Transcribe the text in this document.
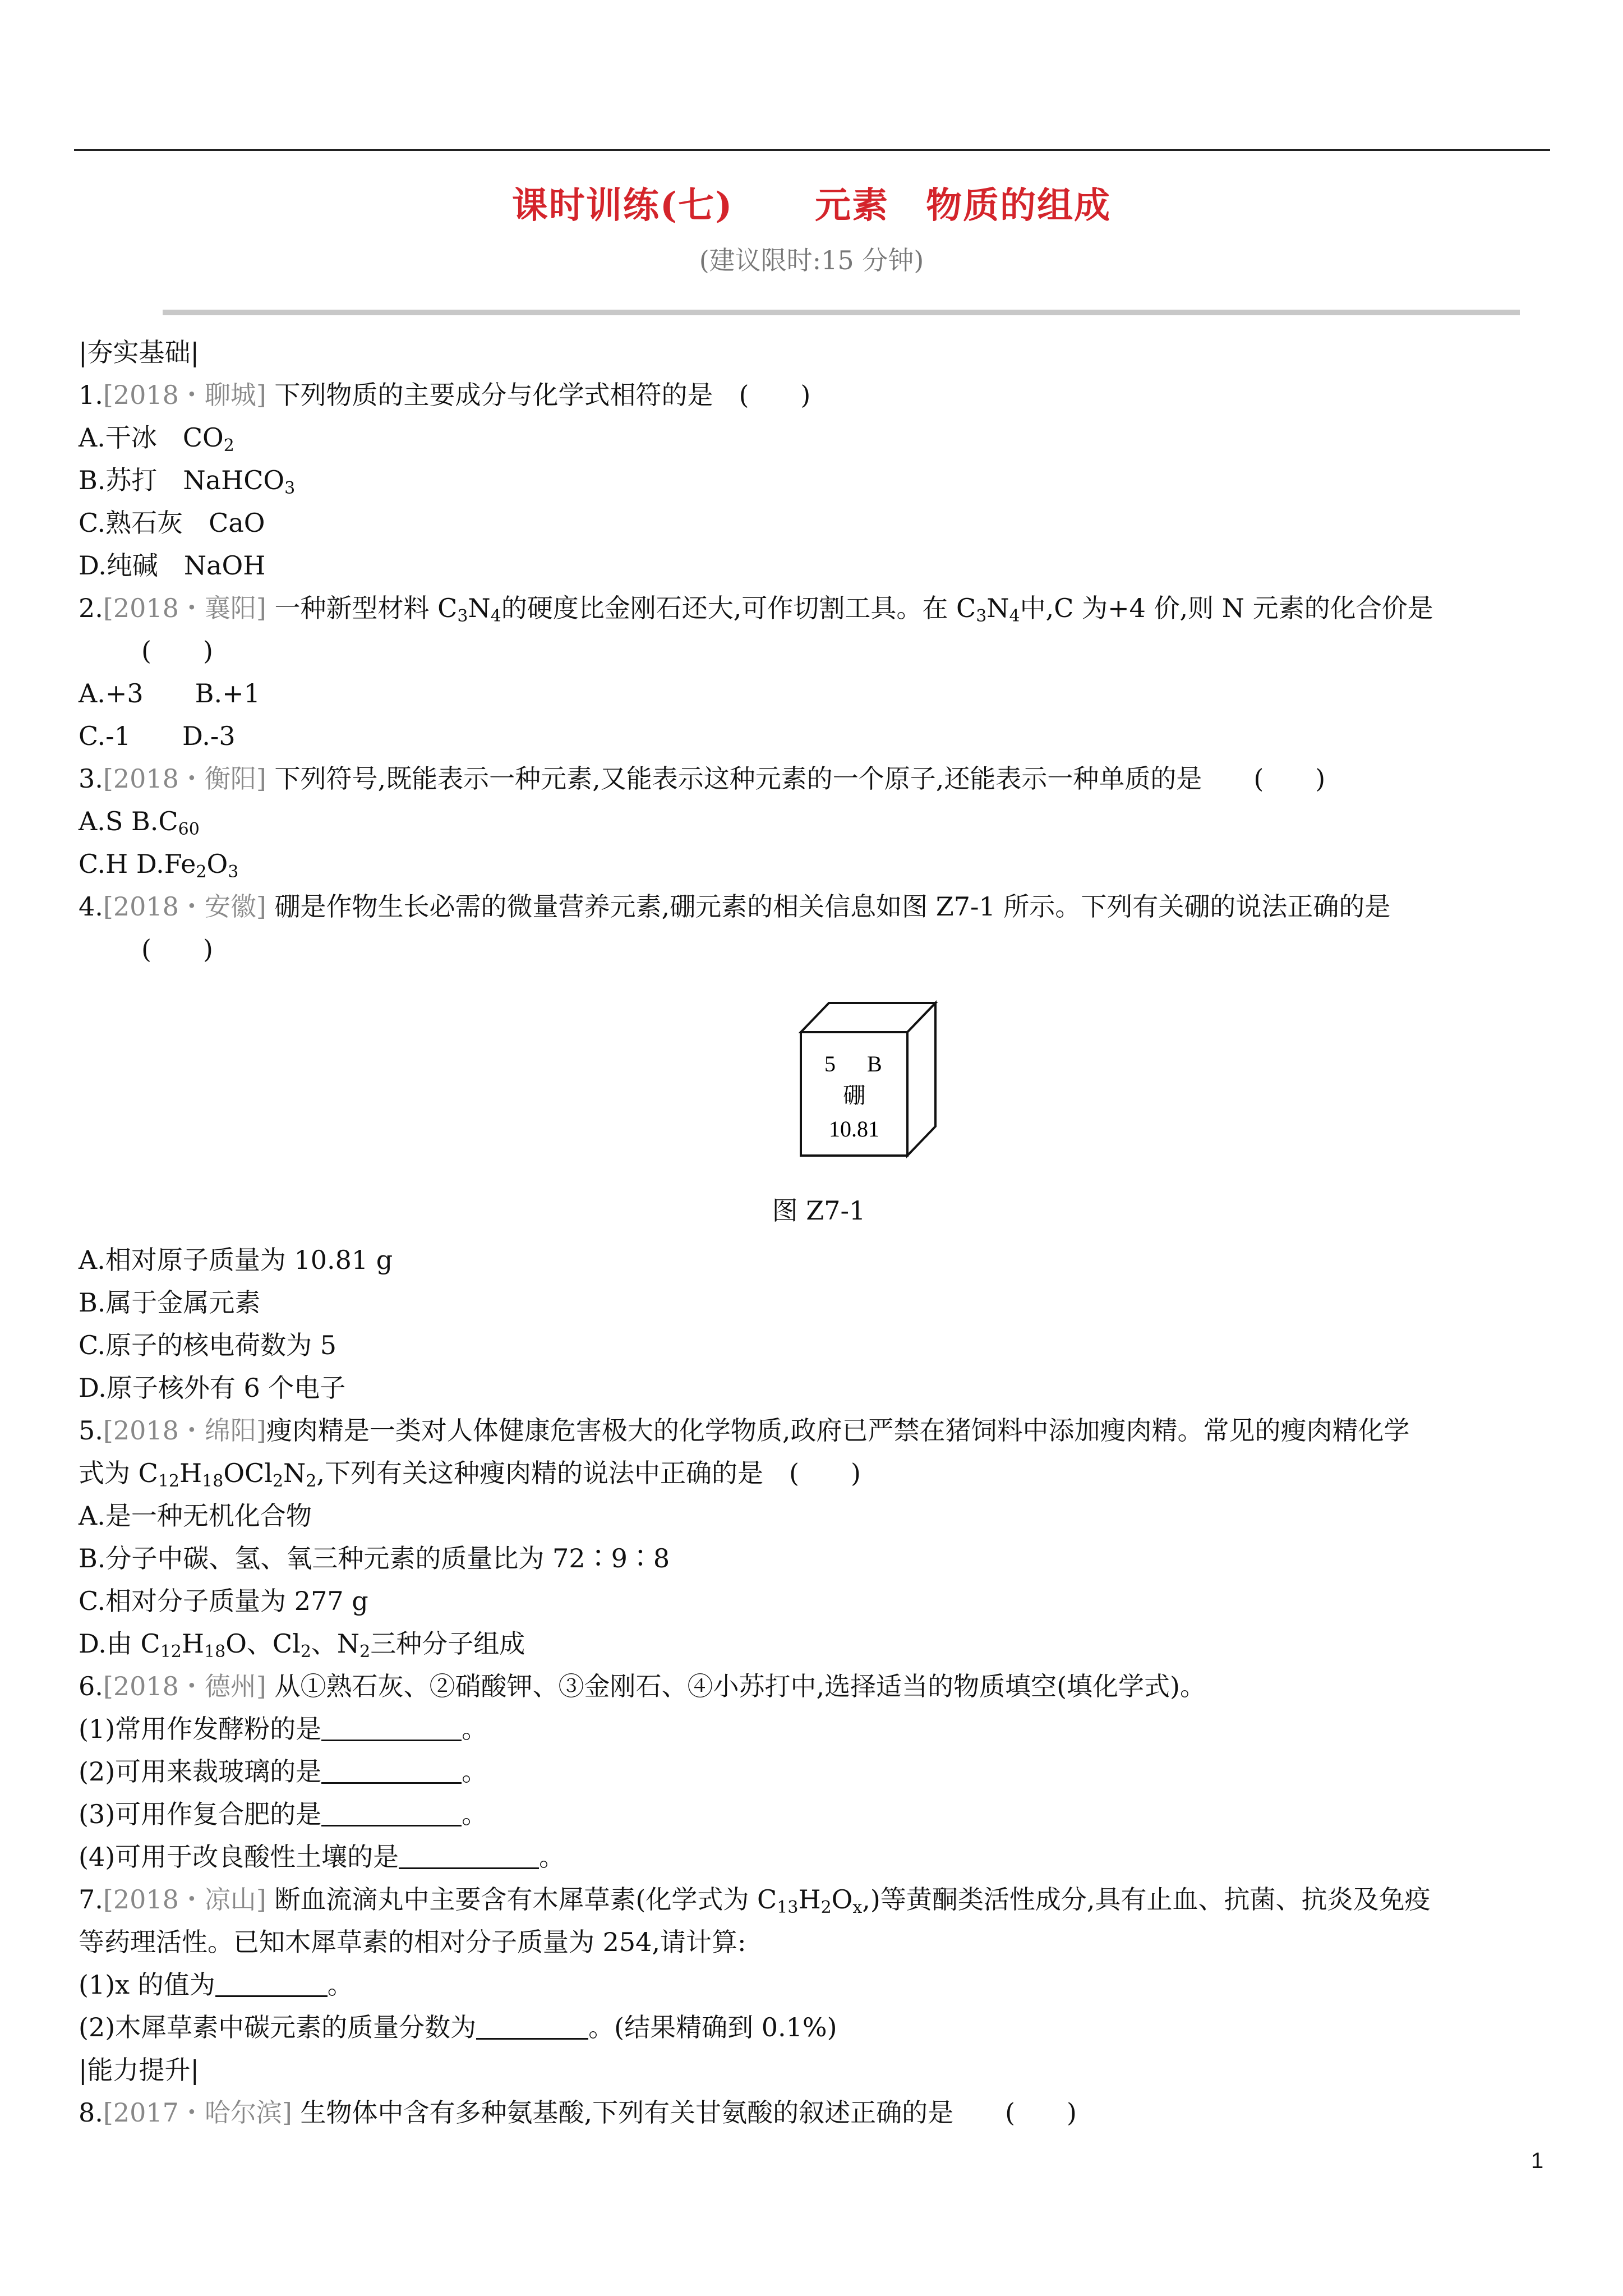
课时训练(七) 元素　物质的组成
(建议限时:15 分钟)
|夯实基础|
1.[2018・聊城] 下列物质的主要成分与化学式相符的是　(　　)
A.干冰　$CO_2$
B.苏打　NaHCO$_3$
C.熟石灰　CaO
D.纯碱　NaOH
2.[2018・襄阳] 一种新型材料 $C_3N_4$的硬度比金刚石还大,可作切割工具。在 $C_3N_4$中,C 为+4 价,则 N 元素的化合价是
(　　)
A.+3　　B.+1
C.-1　　D.-3
3.[2018・衡阳] 下列符号,既能表示一种元素,又能表示这种元素的一个原子,还能表示一种单质的是　　(　　)
A.S $B.C_{60}$
C.H $D.Fe_2O_3$
4.[2018・安徽] 硼是作物生长必需的微量营养元素,硼元素的相关信息如图 Z7-1 所示。下列有关硼的说法正确的是
(　　)
5 B
硼
10.81
图 Z7-1
A.相对原子质量为 10.81 g
B.属于金属元素
C.原子的核电荷数为 5
D.原子核外有 6 个电子
5.[2018・绵阳]瘦肉精是一类对人体健康危害极大的化学物质,政府已严禁在猪饲料中添加瘦肉精。常见的瘦肉精化学
式为 $C_{12}H_{18}OCl_2N_2$,下列有关这种瘦肉精的说法中正确的是　(　　)
A.是一种无机化合物
B.分子中碳、氢、氧三种元素的质量比为 72∶9∶8
C.相对分子质量为 277 g
D.由 $C_{12}H_{18}O$、$Cl_2$、$N_2$三种分子组成
6.[2018・德州] 从①熟石灰、②硝酸钾、③金刚石、④小苏打中,选择适当的物质填空(填化学式)。
(1)常用作发酵粉的是	。
(2)可用来裁玻璃的是	。
(3)可用作复合肥的是	。
(4)可用于改良酸性土壤的是	。
7.[2018・凉山] 断血流滴丸中主要含有木犀草素(化学式为 $C_{13}H_2O_x$,)等黄酮类活性成分,具有止血、抗菌、抗炎及免疫
等药理活性。已知木犀草素的相对分子质量为 254,请计算:
(1)x 的值为	。
(2)木犀草素中碳元素的质量分数为	。(结果精确到 0.1%)
|能力提升|
8.[2017・哈尔滨] 生物体中含有多种氨基酸,下列有关甘氨酸的叙述正确的是　　(　　)
1
